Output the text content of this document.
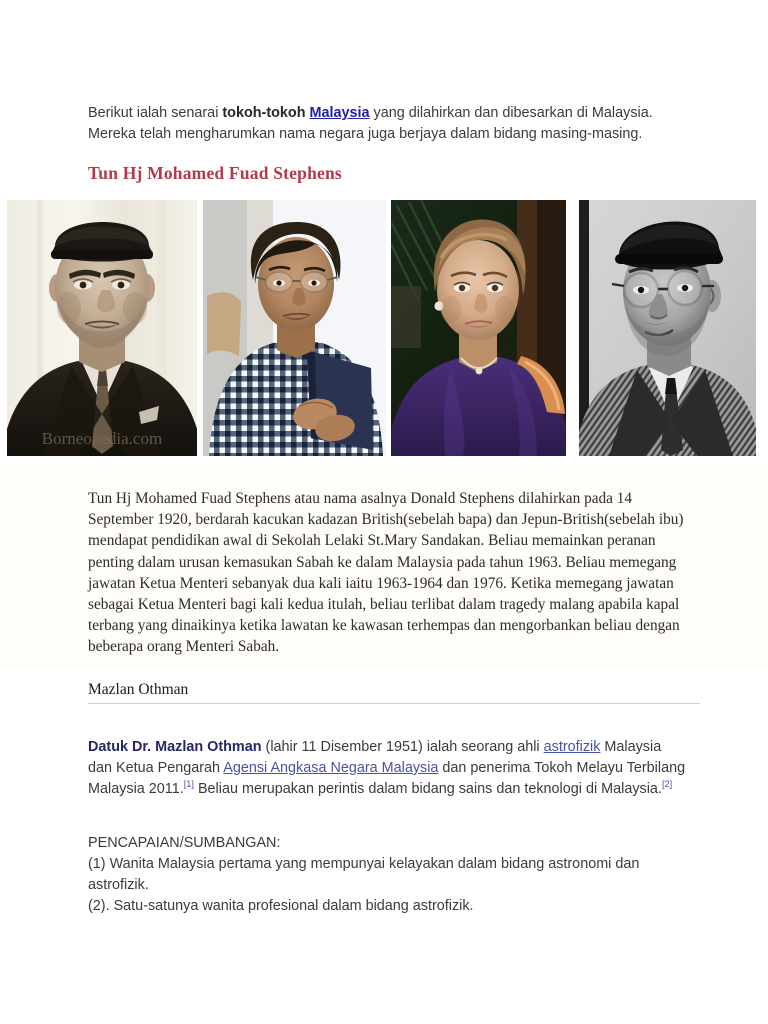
Berikut ialah senarai tokoh-tokoh Malaysia yang dilahirkan dan dibesarkan di Malaysia.
Mereka telah mengharumkan nama negara juga berjaya dalam bidang masing-masing.
Tun Hj Mohamed Fuad Stephens
Borneopedia.com
Tun Hj Mohamed Fuad Stephens atau nama asalnya Donald Stephens dilahirkan pada 14 September 1920, berdarah kacukan kadazan British(sebelah bapa) dan Jepun-British(sebelah ibu) mendapat pendidikan awal di Sekolah Lelaki St.Mary Sandakan. Beliau memainkan peranan penting dalam urusan kemasukan Sabah ke dalam Malaysia pada tahun 1963. Beliau memegang jawatan Ketua Menteri sebanyak dua kali iaitu 1963-1964 dan 1976. Ketika memegang jawatan sebagai Ketua Menteri bagi kali kedua itulah, beliau terlibat dalam tragedy malang apabila kapal terbang yang dinaikinya ketika lawatan ke kawasan terhempas dan mengorbankan beliau dengan beberapa orang Menteri Sabah.
Mazlan Othman
Datuk Dr. Mazlan Othman (lahir 11 Disember 1951) ialah seorang ahli astrofizik Malaysia dan Ketua Pengarah Agensi Angkasa Negara Malaysia dan penerima Tokoh Melayu Terbilang Malaysia 2011.[1] Beliau merupakan perintis dalam bidang sains dan teknologi di Malaysia.[2]
PENCAPAIAN/SUMBANGAN:
(1) Wanita Malaysia pertama yang mempunyai kelayakan dalam bidang astronomi dan astrofizik.
(2). Satu-satunya wanita profesional dalam bidang astrofizik.
